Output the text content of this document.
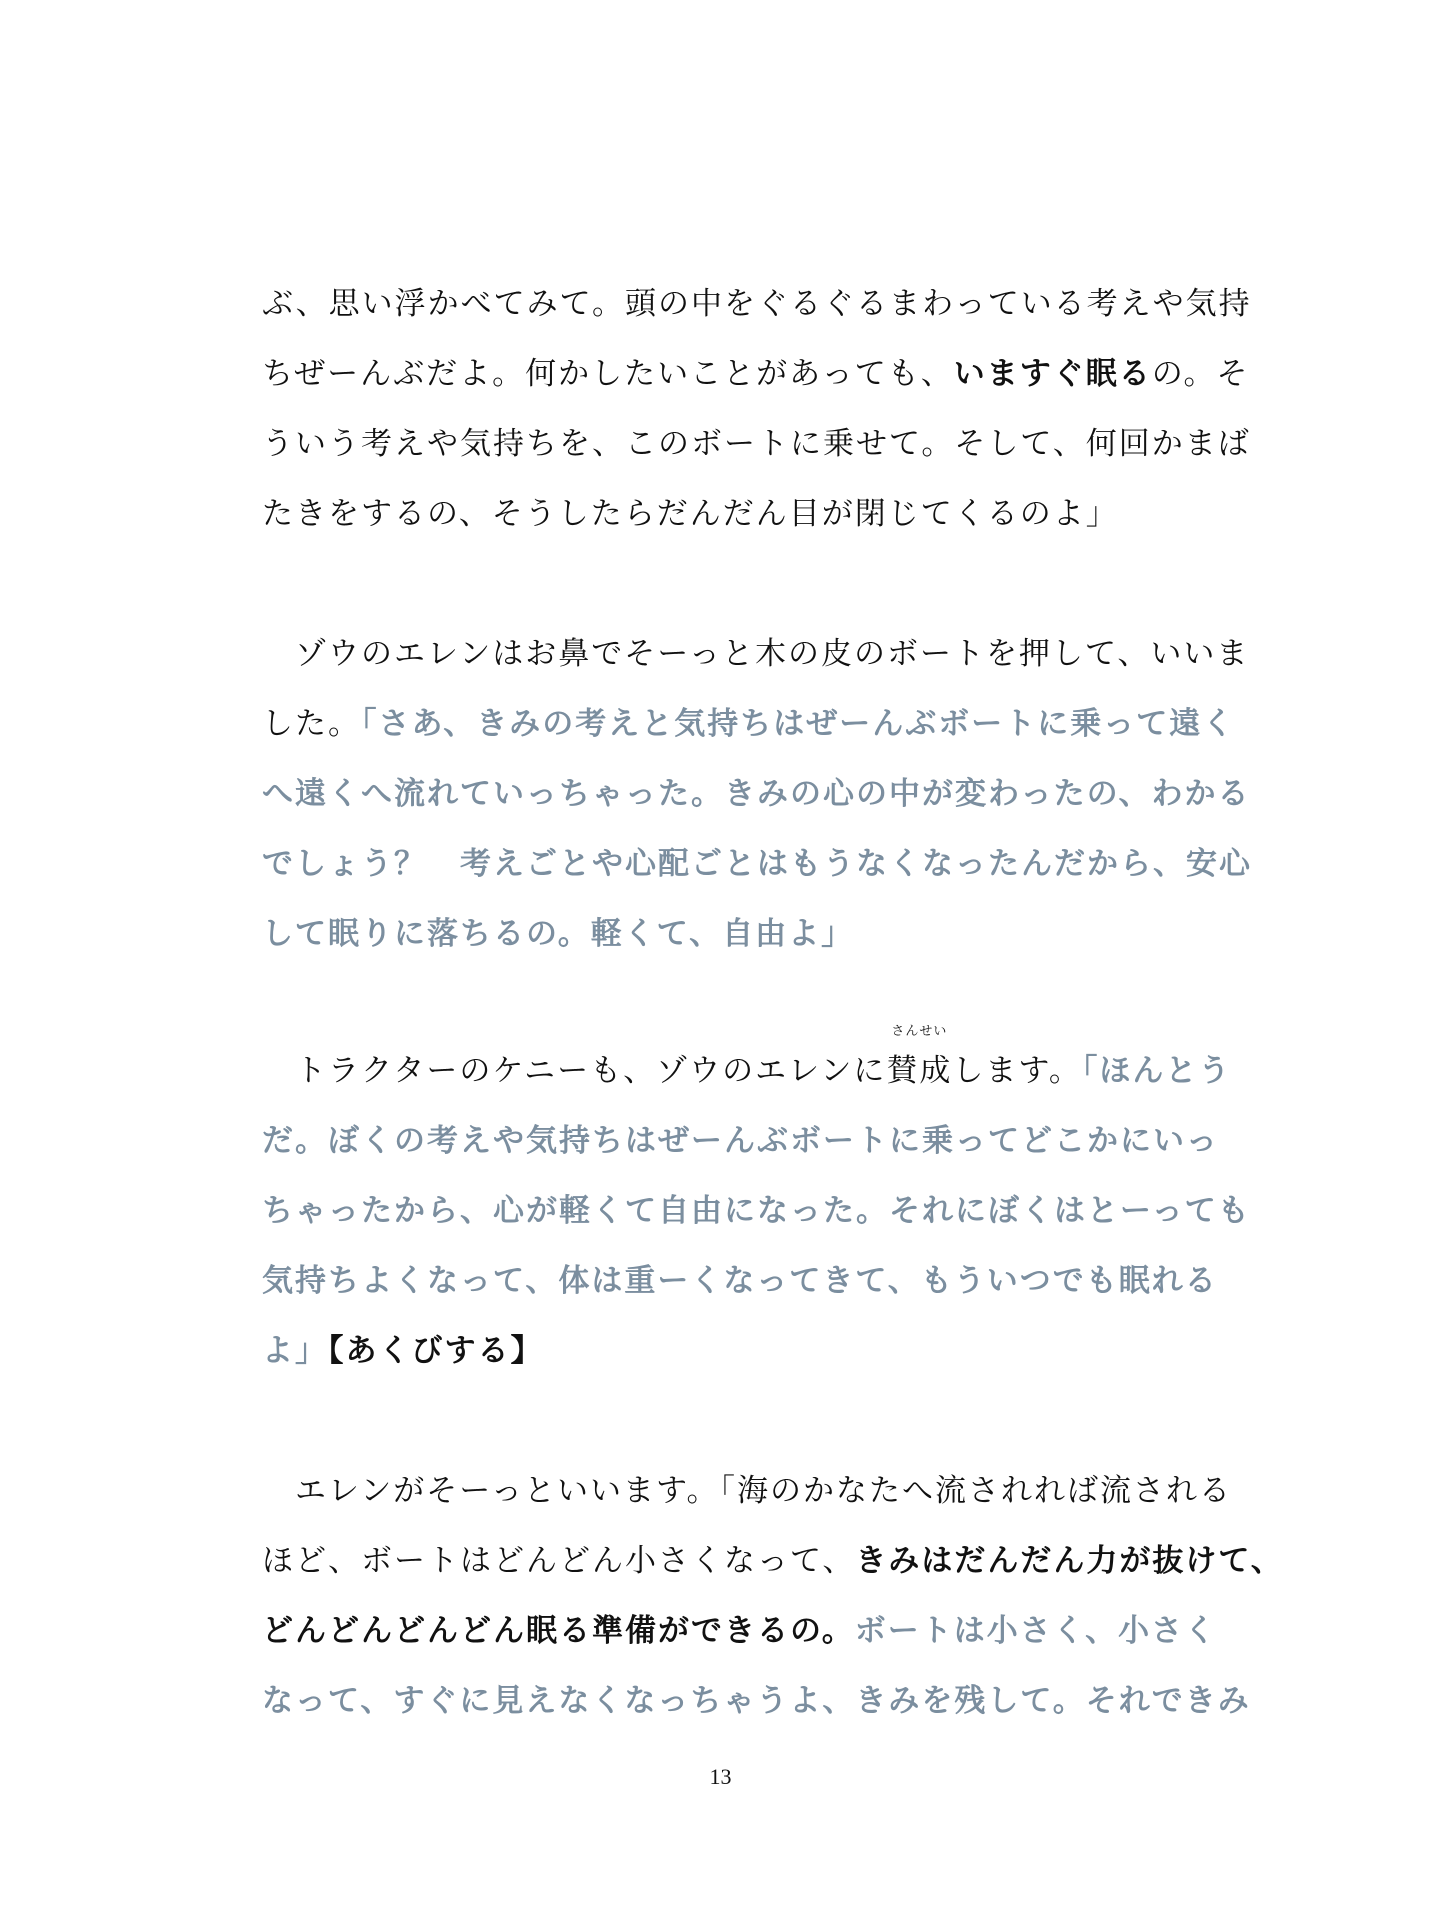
ぶ、思い浮かべてみて。頭の中をぐるぐるまわっている考えや気持
ちぜーんぶだよ。何かしたいことがあっても、いますぐ眠るの。そ
ういう考えや気持ちを、このボートに乗せて。そして、何回かまば
たきをするの、そうしたらだんだん目が閉じてくるのよ」
　ゾウのエレンはお鼻でそーっと木の皮のボートを押して、いいま
した。「さあ、きみの考えと気持ちはぜーんぶボートに乗って遠く
へ遠くへ流れていっちゃった。きみの心の中が変わったの、わかる
でしょう？　考えごとや心配ごとはもうなくなったんだから、安心
して眠りに落ちるの。軽くて、自由よ」
　トラクターのケニーも、ゾウのエレンに
さんせい
賛成します。「ほんとう
だ。ぼくの考えや気持ちはぜーんぶボートに乗ってどこかにいっ
ちゃったから、心が軽くて自由になった。それにぼくはとーっても
気持ちよくなって、体は重ーくなってきて、もういつでも眠れる
よ」【あくびする】
　エレンがそーっといいます。「海のかなたへ流されれば流される
ほど、ボートはどんどん小さくなって、きみはだんだん力が抜けて、
どんどんどんどん眠る準備ができるの。ボートは小さく、小さく
なって、すぐに見えなくなっちゃうよ、きみを残して。それできみ
13
